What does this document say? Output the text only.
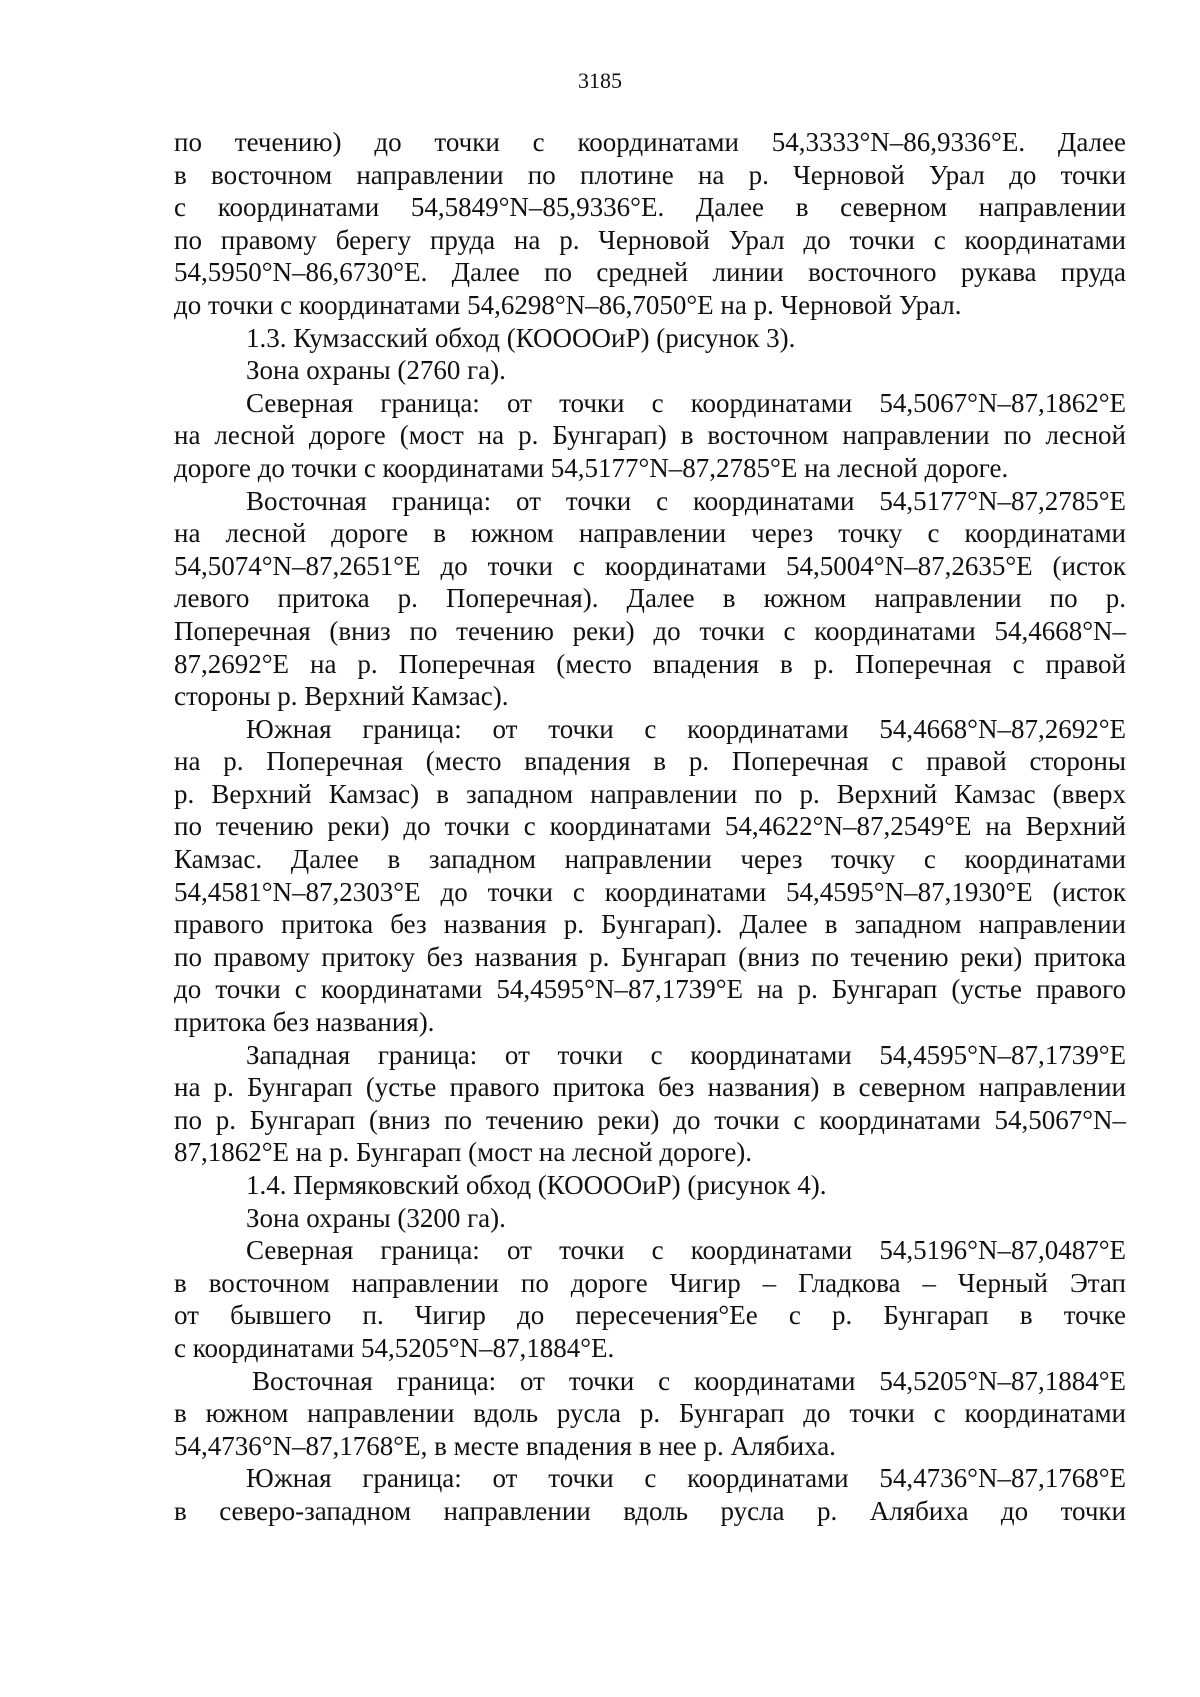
3185
по течению) до точки с координатами 54,3333°N–86,9336°E. Далее
в восточном направлении по плотине на р. Черновой Урал до точки
с координатами 54,5849°N–85,9336°E. Далее в северном направлении
по правому берегу пруда на р. Черновой Урал до точки с координатами
54,5950°N–86,6730°E. Далее по средней линии восточного рукава пруда
до точки с координатами 54,6298°N–86,7050°E на р. Черновой Урал.
1.3. Кумзасский обход (КООООиР) (рисунок 3).
Зона охраны (2760 га).
Северная граница: от точки с координатами 54,5067°N–87,1862°E
на лесной дороге (мост на р. Бунгарап) в восточном направлении по лесной
дороге до точки с координатами 54,5177°N–87,2785°E на лесной дороге.
Восточная граница: от точки с координатами 54,5177°N–87,2785°E
на лесной дороге в южном направлении через точку с координатами
54,5074°N–87,2651°E до точки с координатами 54,5004°N–87,2635°E (исток
левого притока р. Поперечная). Далее в южном направлении по р.
Поперечная (вниз по течению реки) до точки с координатами 54,4668°N–
87,2692°E на р. Поперечная (место впадения в р. Поперечная с правой
стороны р. Верхний Камзас).
Южная граница: от точки с координатами 54,4668°N–87,2692°E
на р. Поперечная (место впадения в р. Поперечная с правой стороны
р. Верхний Камзас) в западном направлении по р. Верхний Камзас (вверх
по течению реки) до точки с координатами 54,4622°N–87,2549°E на Верхний
Камзас. Далее в западном направлении через точку с координатами
54,4581°N–87,2303°E до точки с координатами 54,4595°N–87,1930°E (исток
правого притока без названия р. Бунгарап). Далее в западном направлении
по правому притоку без названия р. Бунгарап (вниз по течению реки) притока
до точки с координатами 54,4595°N–87,1739°E на р. Бунгарап (устье правого
притока без названия).
Западная граница: от точки с координатами 54,4595°N–87,1739°E
на р. Бунгарап (устье правого притока без названия) в северном направлении
по р. Бунгарап (вниз по течению реки) до точки с координатами 54,5067°N–
87,1862°E на р. Бунгарап (мост на лесной дороге).
1.4. Пермяковский обход (КООООиР) (рисунок 4).
Зона охраны (3200 га).
Северная граница: от точки с координатами 54,5196°N–87,0487°E
в восточном направлении по дороге Чигир – Гладкова – Черный Этап
от бывшего п. Чигир до пересечения°Ee с р. Бунгарап в точке
с координатами 54,5205°N–87,1884°E.
Восточная граница: от точки с координатами 54,5205°N–87,1884°E
в южном направлении вдоль русла р. Бунгарап до точки с координатами
54,4736°N–87,1768°E, в месте впадения в нее р. Алябиха.
Южная граница: от точки с координатами 54,4736°N–87,1768°E
в северо-западном направлении вдоль русла р. Алябиха до точки
